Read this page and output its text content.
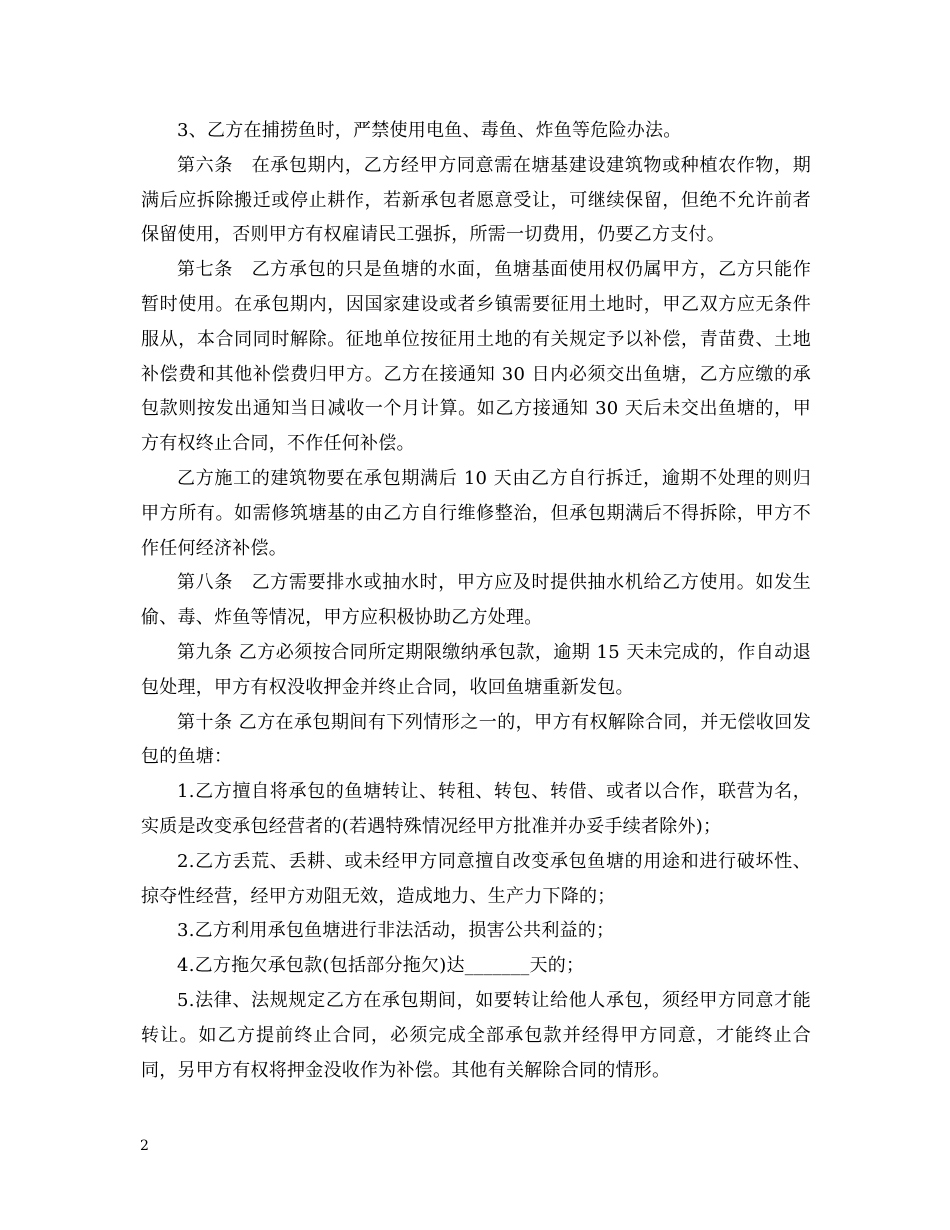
3、乙方在捕捞鱼时，严禁使用电鱼、毒鱼、炸鱼等危险办法。

第六条　在承包期内，乙方经甲方同意需在塘基建设建筑物或种植农作物，期满后应拆除搬迁或停止耕作，若新承包者愿意受让，可继续保留，但绝不允许前者保留使用，否则甲方有权雇请民工强拆，所需一切费用，仍要乙方支付。

第七条　乙方承包的只是鱼塘的水面，鱼塘基面使用权仍属甲方，乙方只能作暂时使用。在承包期内，因国家建设或者乡镇需要征用土地时，甲乙双方应无条件服从，本合同同时解除。征地单位按征用土地的有关规定予以补偿，青苗费、土地补偿费和其他补偿费归甲方。乙方在接通知 30 日内必须交出鱼塘，乙方应缴的承包款则按发出通知当日减收一个月计算。如乙方接通知 30 天后未交出鱼塘的，甲方有权终止合同，不作任何补偿。

乙方施工的建筑物要在承包期满后 10 天由乙方自行拆迁，逾期不处理的则归甲方所有。如需修筑塘基的由乙方自行维修整治，但承包期满后不得拆除，甲方不作任何经济补偿。

第八条　乙方需要排水或抽水时，甲方应及时提供抽水机给乙方使用。如发生偷、毒、炸鱼等情况，甲方应积极协助乙方处理。

第九条 乙方必须按合同所定期限缴纳承包款，逾期 15 天未完成的，作自动退包处理，甲方有权没收押金并终止合同，收回鱼塘重新发包。

第十条 乙方在承包期间有下列情形之一的，甲方有权解除合同，并无偿收回发包的鱼塘：

1.乙方擅自将承包的鱼塘转让、转租、转包、转借、或者以合作，联营为名，实质是改变承包经营者的(若遇特殊情况经甲方批准并办妥手续者除外)；

2.乙方丢荒、丢耕、或未经甲方同意擅自改变承包鱼塘的用途和进行破坏性、掠夺性经营，经甲方劝阻无效，造成地力、生产力下降的；

3.乙方利用承包鱼塘进行非法活动，损害公共利益的；

4.乙方拖欠承包款(包括部分拖欠)达_______天的；

5.法律、法规规定乙方在承包期间，如要转让给他人承包，须经甲方同意才能转让。如乙方提前终止合同，必须完成全部承包款并经得甲方同意，才能终止合同，另甲方有权将押金没收作为补偿。其他有关解除合同的情形。

2
